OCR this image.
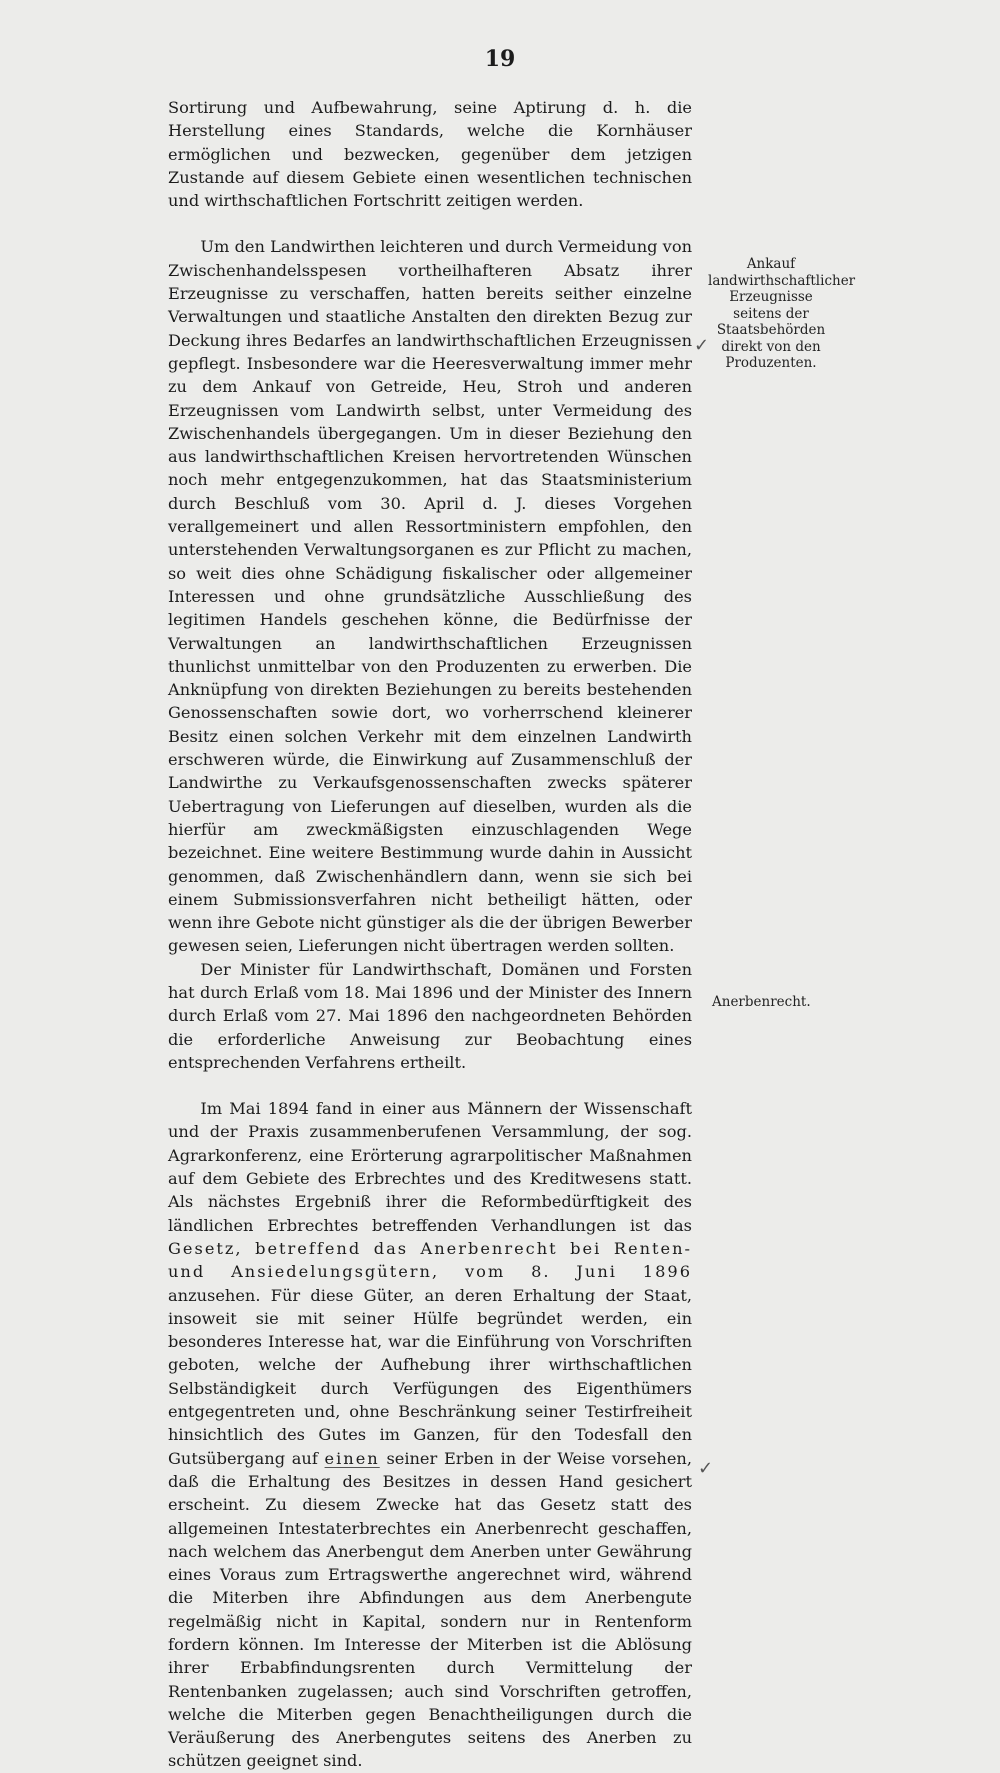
19

Sortirung und Aufbewahrung, seine Aptirung d. h. die Herstellung eines Standards, welche die Kornhäuser ermöglichen und bezwecken, gegenüber dem jetzigen Zustande auf diesem Gebiete einen wesentlichen technischen und wirthschaftlichen Fortschritt zeitigen werden.

Um den Landwirthen leichteren und durch Vermeidung von Zwischenhandelsspesen vortheilhafteren Absatz ihrer Erzeugnisse zu verschaffen, hatten bereits seither einzelne Verwaltungen und staatliche Anstalten den direkten Bezug zur Deckung ihres Bedarfes an landwirthschaftlichen Erzeugnissen gepflegt. Insbesondere war die Heeresverwaltung immer mehr zu dem Ankauf von Getreide, Heu, Stroh und anderen Erzeugnissen vom Landwirth selbst, unter Vermeidung des Zwischenhandels übergegangen. Um in dieser Beziehung den aus landwirthschaftlichen Kreisen hervortretenden Wünschen noch mehr entgegenzukommen, hat das Staatsministerium durch Beschluß vom 30. April d. J. dieses Vorgehen verallgemeinert und allen Ressortministern empfohlen, den unterstehenden Verwaltungsorganen es zur Pflicht zu machen, so weit dies ohne Schädigung fiskalischer oder allgemeiner Interessen und ohne grundsätzliche Ausschließung des legitimen Handels geschehen könne, die Bedürfnisse der Verwaltungen an landwirthschaftlichen Erzeugnissen thunlichst unmittelbar von den Produzenten zu erwerben. Die Anknüpfung von direkten Beziehungen zu bereits bestehenden Genossenschaften sowie dort, wo vorherrschend kleinerer Besitz einen solchen Verkehr mit dem einzelnen Landwirth erschweren würde, die Einwirkung auf Zusammenschluß der Landwirthe zu Verkaufsgenossenschaften zwecks späterer Uebertragung von Lieferungen auf dieselben, wurden als die hierfür am zweckmäßigsten einzuschlagenden Wege bezeichnet. Eine weitere Bestimmung wurde dahin in Aussicht genommen, daß Zwischenhändlern dann, wenn sie sich bei einem Submissionsverfahren nicht betheiligt hätten, oder wenn ihre Gebote nicht günstiger als die der übrigen Bewerber gewesen seien, Lieferungen nicht übertragen werden sollten.

Der Minister für Landwirthschaft, Domänen und Forsten hat durch Erlaß vom 18. Mai 1896 und der Minister des Innern durch Erlaß vom 27. Mai 1896 den nachgeordneten Behörden die erforderliche Anweisung zur Beobachtung eines entsprechenden Verfahrens ertheilt.

Im Mai 1894 fand in einer aus Männern der Wissenschaft und der Praxis zusammenberufenen Versammlung, der sog. Agrarkonferenz, eine Erörterung agrarpolitischer Maßnahmen auf dem Gebiete des Erbrechtes und des Kreditwesens statt. Als nächstes Ergebniß ihrer die Reformbedürftigkeit des ländlichen Erbrechtes betreffenden Verhandlungen ist das Gesetz, betreffend das Anerbenrecht bei Renten- und Ansiedelungsgütern, vom 8. Juni 1896 anzusehen. Für diese Güter, an deren Erhaltung der Staat, insoweit sie mit seiner Hülfe begründet werden, ein besonderes Interesse hat, war die Einführung von Vorschriften geboten, welche der Aufhebung ihrer wirthschaftlichen Selbständigkeit durch Verfügungen des Eigenthümers entgegentreten und, ohne Beschränkung seiner Testirfreiheit hinsichtlich des Gutes im Ganzen, für den Todesfall den Gutsübergang auf einen seiner Erben in der Weise vorsehen, daß die Erhaltung des Besitzes in dessen Hand gesichert erscheint. Zu diesem Zwecke hat das Gesetz statt des allgemeinen Intestaterbrechtes ein Anerbenrecht geschaffen, nach welchem das Anerbengut dem Anerben unter Gewährung eines Voraus zum Ertragswerthe angerechnet wird, während die Miterben ihre Abfindungen aus dem Anerbengute regelmäßig nicht in Kapital, sondern nur in Rentenform fordern können. Im Interesse der Miterben ist die Ablösung ihrer Erbabfindungsrenten durch Vermittelung der Rentenbanken zugelassen; auch sind Vorschriften getroffen, welche die Miterben gegen Benachtheiligungen durch die Veräußerung des Anerbengutes seitens des Anerben zu schützen geeignet sind.

Ankauf landwirthschaftlicher Erzeugnisse seitens der Staatsbehörden direkt von den Produzenten.
Anerbenrecht.
✓
✓
